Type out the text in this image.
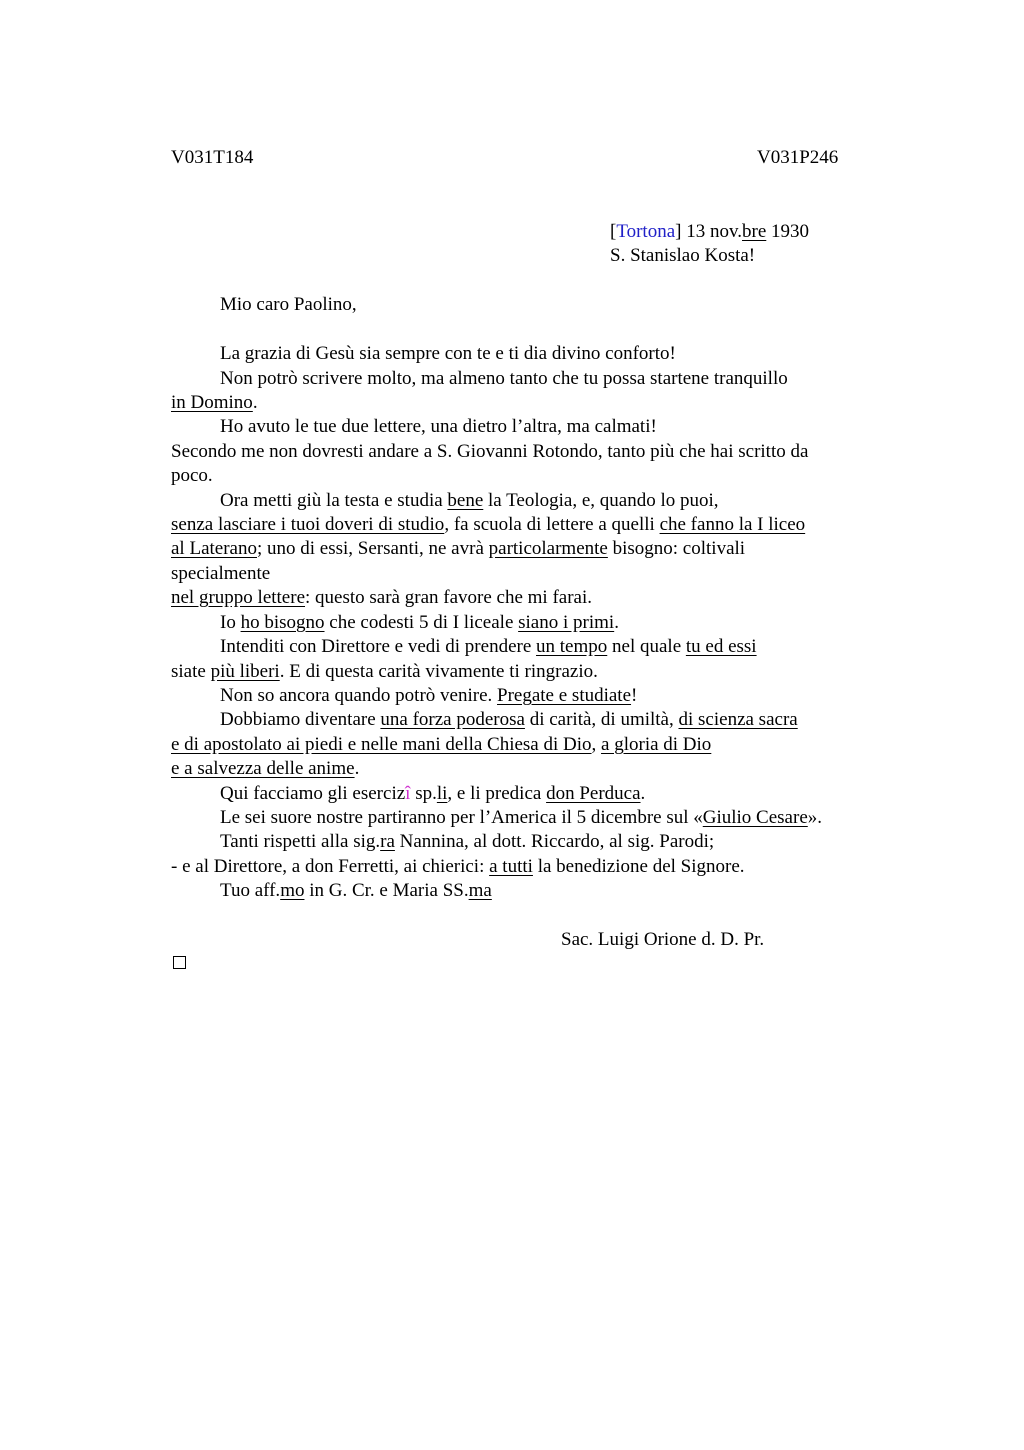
V031T184	V031P246
[Tortona] 13 nov.bre 1930
S. Stanislao Kosta!
Mio caro Paolino,
La grazia di Gesù sia sempre con te e ti dia divino conforto!
Non potrò scrivere molto, ma almeno tanto che tu possa startene tranquillo
in Domino.
Ho avuto le tue due lettere, una dietro l’altra, ma calmati!
Secondo me non dovresti andare a S. Giovanni Rotondo, tanto più che hai scritto da
poco.
Ora metti giù la testa e studia bene la Teologia, e, quando lo puoi,
senza lasciare i tuoi doveri di studio, fa scuola di lettere a quelli che fanno la I liceo
al Laterano; uno di essi, Sersanti, ne avrà particolarmente bisogno: coltivali
specialmente
nel gruppo lettere: questo sarà gran favore che mi farai.
Io ho bisogno che codesti 5 di I liceale siano i primi.
Intenditi con Direttore e vedi di prendere un tempo nel quale tu ed essi
siate più liberi. E di questa carità vivamente ti ringrazio.
Non so ancora quando potrò venire. Pregate e studiate!
Dobbiamo diventare una forza poderosa di carità, di umiltà, di scienza sacra
e di apostolato ai piedi e nelle mani della Chiesa di Dio, a gloria di Dio
e a salvezza delle anime.
Qui facciamo gli esercizî sp.li, e li predica don Perduca.
Le sei suore nostre partiranno per l’America il 5 dicembre sul «Giulio Cesare».
Tanti rispetti alla sig.ra Nannina, al dott. Riccardo, al sig. Parodi;
- e al Direttore, a don Ferretti, ai chierici: a tutti la benedizione del Signore.
Tuo aff.mo in G. Cr. e Maria SS.ma
Sac. Luigi Orione d. D. Pr.
